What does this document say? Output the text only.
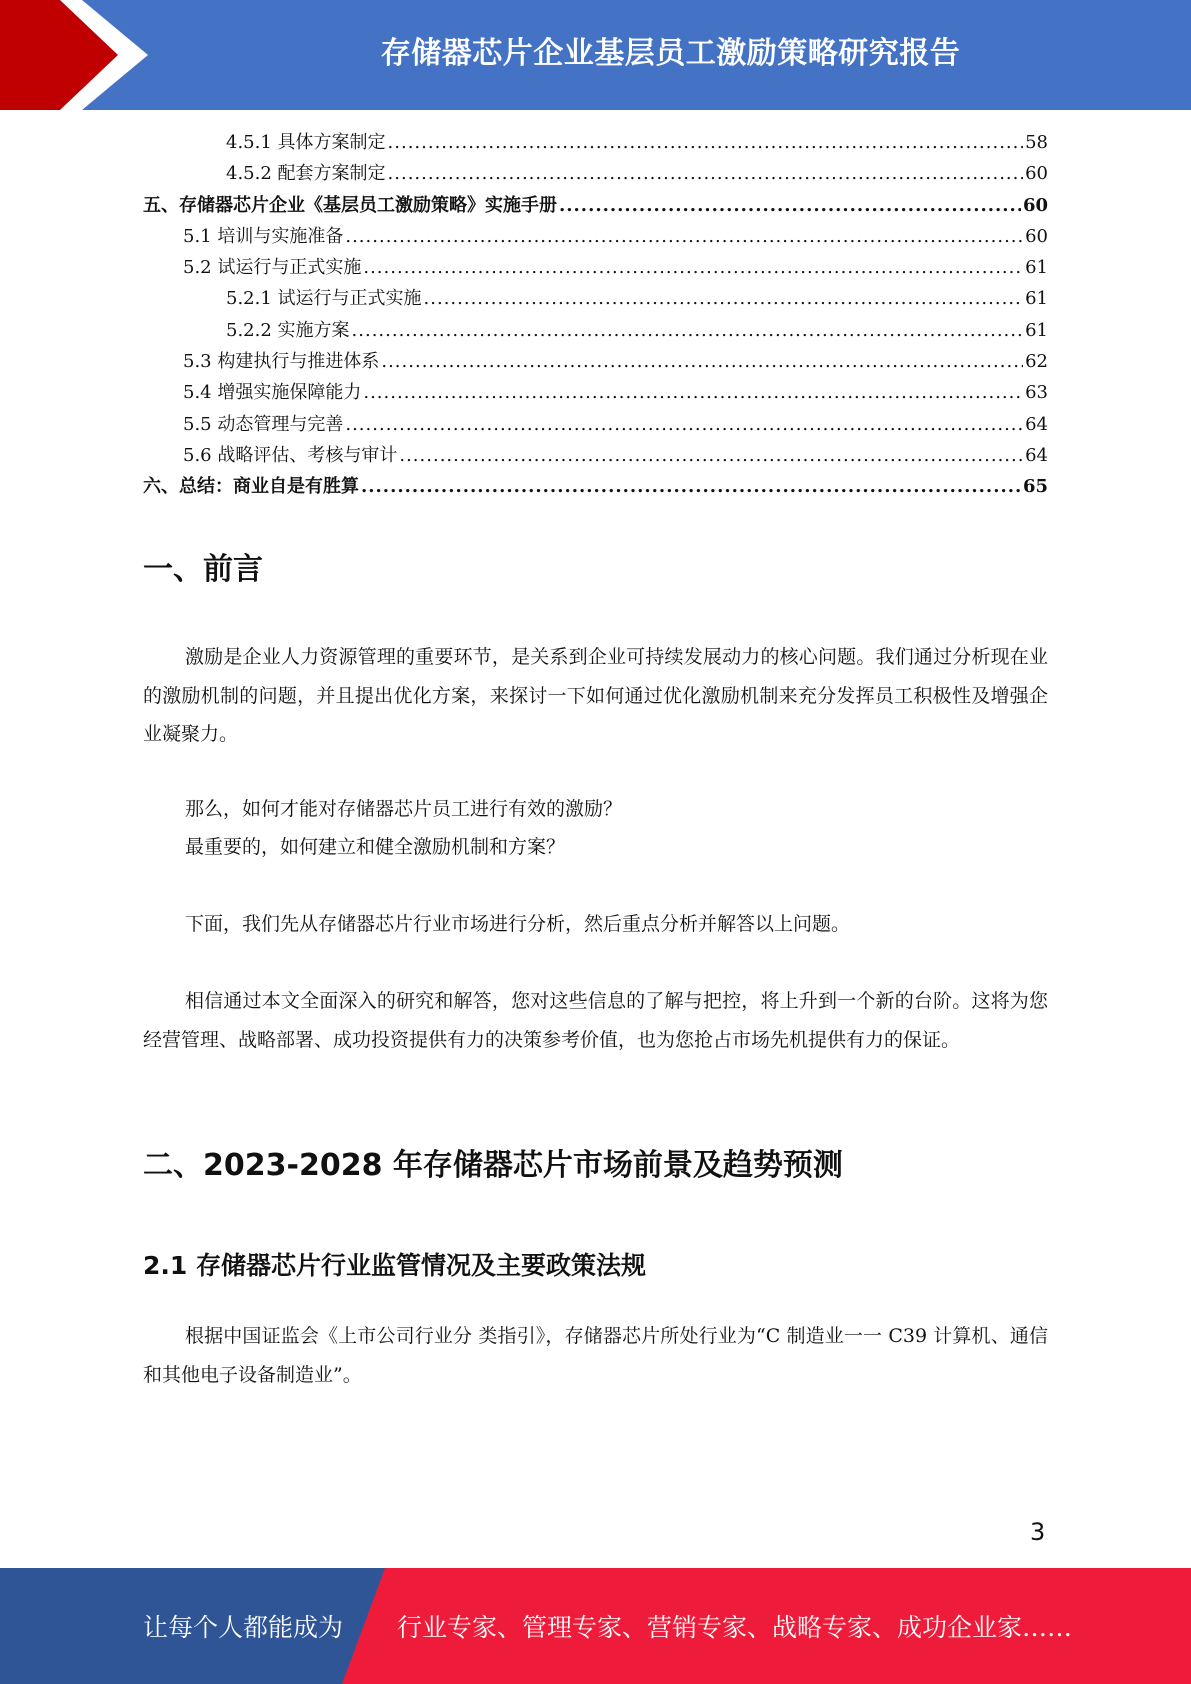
存储器芯片企业基层员工激励策略研究报告
4.5.1 具体方案制定 .....	58
4.5.2 配套方案制定 .....	60
五、存储器芯片企业《基层员工激励策略》实施手册 .....	60
5.1 培训与实施准备 .....	60
5.2 试运行与正式实施 .....	61
5.2.1 试运行与正式实施 .....	61
5.2.2 实施方案 .....	61
5.3 构建执行与推进体系 .....	62
5.4 增强实施保障能力 .....	63
5.5 动态管理与完善 .....	64
5.6 战略评估、考核与审计 .....	64
六、总结：商业自是有胜算 .....	65
一、前言

激励是企业人力资源管理的重要环节，是关系到企业可持续发展动力的核心问题。我们通过分析现在业的激励机制的问题，并且提出优化方案，来探讨一下如何通过优化激励机制来充分发挥员工积极性及增强企业凝聚力。

那么，如何才能对存储器芯片员工进行有效的激励？

最重要的，如何建立和健全激励机制和方案？

下面，我们先从存储器芯片行业市场进行分析，然后重点分析并解答以上问题。

相信通过本文全面深入的研究和解答，您对这些信息的了解与把控，将上升到一个新的台阶。这将为您经营管理、战略部署、成功投资提供有力的决策参考价值，也为您抢占市场先机提供有力的保证。

二、2023-2028 年存储器芯片市场前景及趋势预测
2.1 存储器芯片行业监管情况及主要政策法规

根据中国证监会《上市公司行业分 类指引》，存储器芯片所处行业为“C 制造业一一 C39 计算机、通信和其他电子设备制造业”。

3
让每个人都能成为 行业专家、管理专家、营销专家、战略专家、成功企业家……
